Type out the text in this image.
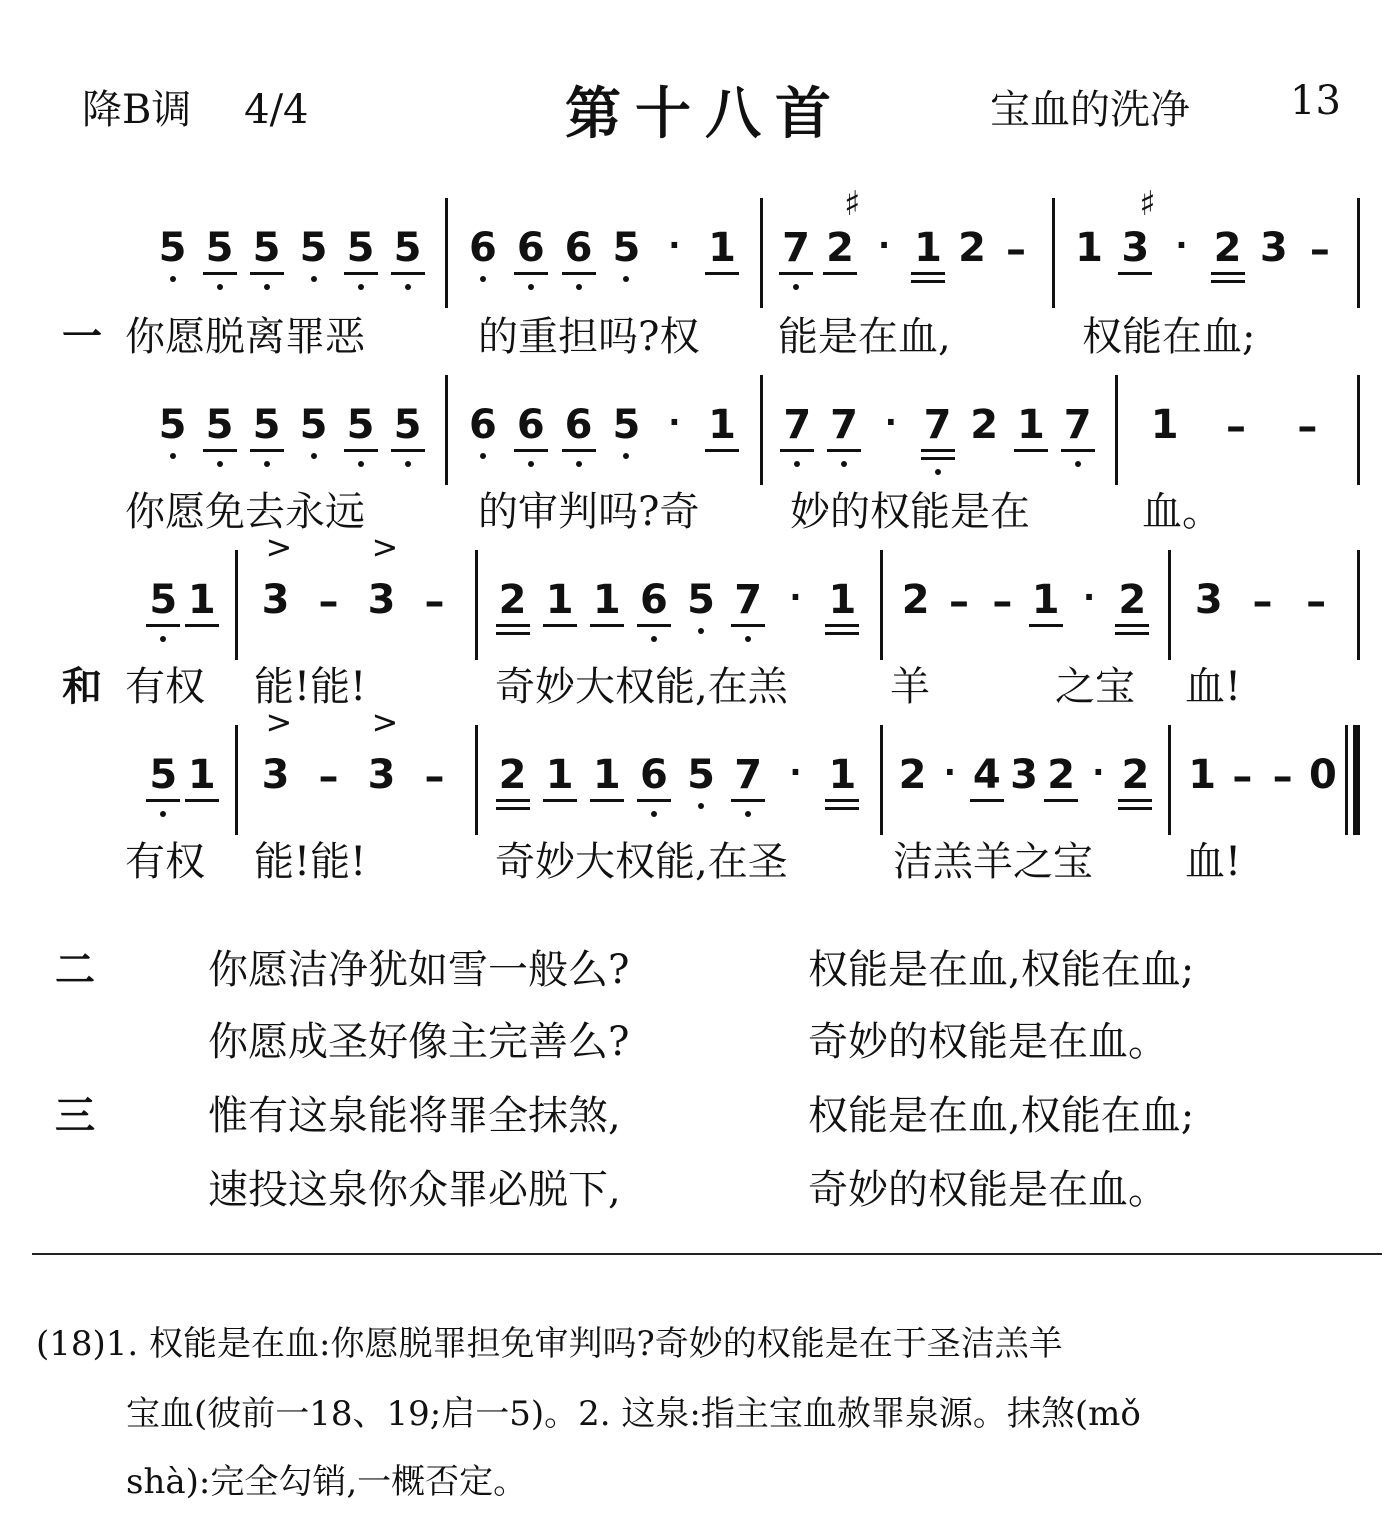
降B调 4/4	第十八首	宝血的洗净	13
一
5 5 5 5 5 5 6 6 6 5 · 1 7 2
♯
· 1 2 – 1 3
♯
· 2 3 –
你愿脱离罪恶	的重担吗?权 能是在血,	权能在血;
5 5 5 5 5 5 6 6 6 5 · 1 7 7 · 7 2 1 7 1 – –
你愿免去永远	的审判吗?奇 妙的权能是在	血。
和
5 1 3
>
– 3
>
– 2 1 1 6 5 7 · 1 2 – – 1 · 2 3 – –
有权 能!能!	奇妙大权能,在羔	羊	之宝 血!
5 1 3
>
– 3
>
– 2 1 1 6 5 7 · 1 2 · 4 3 2 · 2 1 – – 0
有权 能!能!	奇妙大权能,在圣	洁羔羊之宝 血!
二	你愿洁净犹如雪一般么?	权能是在血,权能在血;
你愿成圣好像主完善么?	奇妙的权能是在血。
三	惟有这泉能将罪全抹煞,	权能是在血,权能在血;
速投这泉你众罪必脱下,	奇妙的权能是在血。
(18)1. 权能是在血:你愿脱罪担免审判吗?奇妙的权能是在于圣洁羔羊
宝血(彼前一18、19;启一5)。2. 这泉:指主宝血赦罪泉源。抹煞(mǒ
shà):完全勾销,一概否定。
